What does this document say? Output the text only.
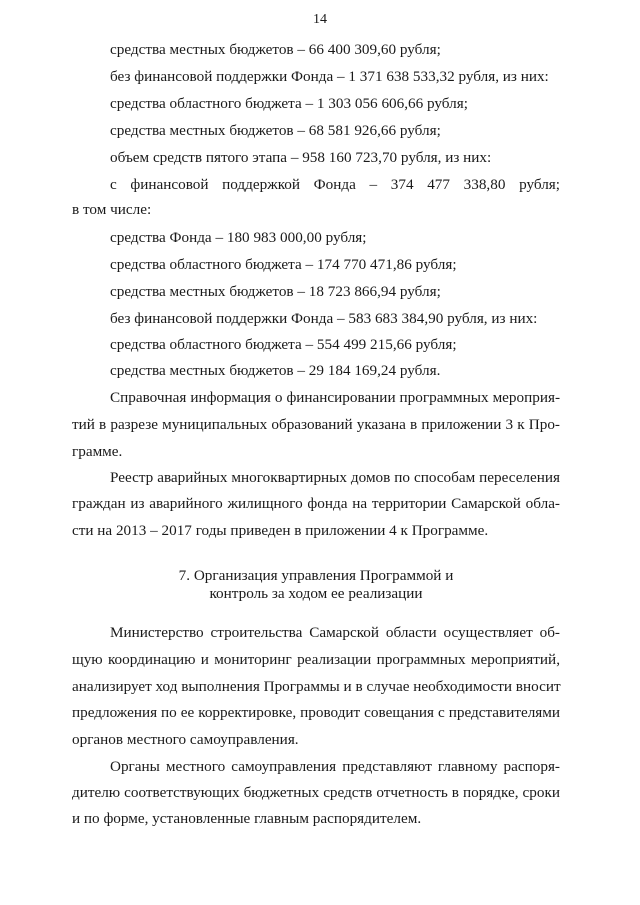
14
средства местных бюджетов – 66 400 309,60 рубля;
без финансовой поддержки Фонда – 1 371 638 533,32 рубля, из них:
средства областного бюджета – 1 303 056 606,66 рубля;
средства местных бюджетов – 68 581 926,66 рубля;
объем средств пятого этапа – 958 160 723,70 рубля, из них:
с финансовой поддержкой Фонда – 374 477 338,80 рубля;
в том числе:
средства Фонда – 180 983 000,00 рубля;
средства областного бюджета – 174 770 471,86 рубля;
средства местных бюджетов – 18 723 866,94 рубля;
без финансовой поддержки Фонда – 583 683 384,90 рубля, из них:
средства областного бюджета – 554 499 215,66 рубля;
средства местных бюджетов – 29 184 169,24 рубля.
Справочная информация о финансировании программных мероприя-
тий в разрезе муниципальных образований указана в приложении 3 к Про-
грамме.
Реестр аварийных многоквартирных домов по способам переселения
граждан из аварийного жилищного фонда на территории Самарской обла-
сти на 2013 – 2017 годы приведен в приложении 4 к Программе.
7. Организация управления Программой и
контроль за ходом ее реализации
Министерство строительства Самарской области осуществляет об-
щую координацию и мониторинг реализации программных мероприятий,
анализирует ход выполнения Программы и в случае необходимости вносит
предложения по ее корректировке, проводит совещания с представителями
органов местного самоуправления.
Органы местного самоуправления представляют главному распоря-
дителю соответствующих бюджетных средств отчетность в порядке, сроки
и по форме, установленные главным распорядителем.
